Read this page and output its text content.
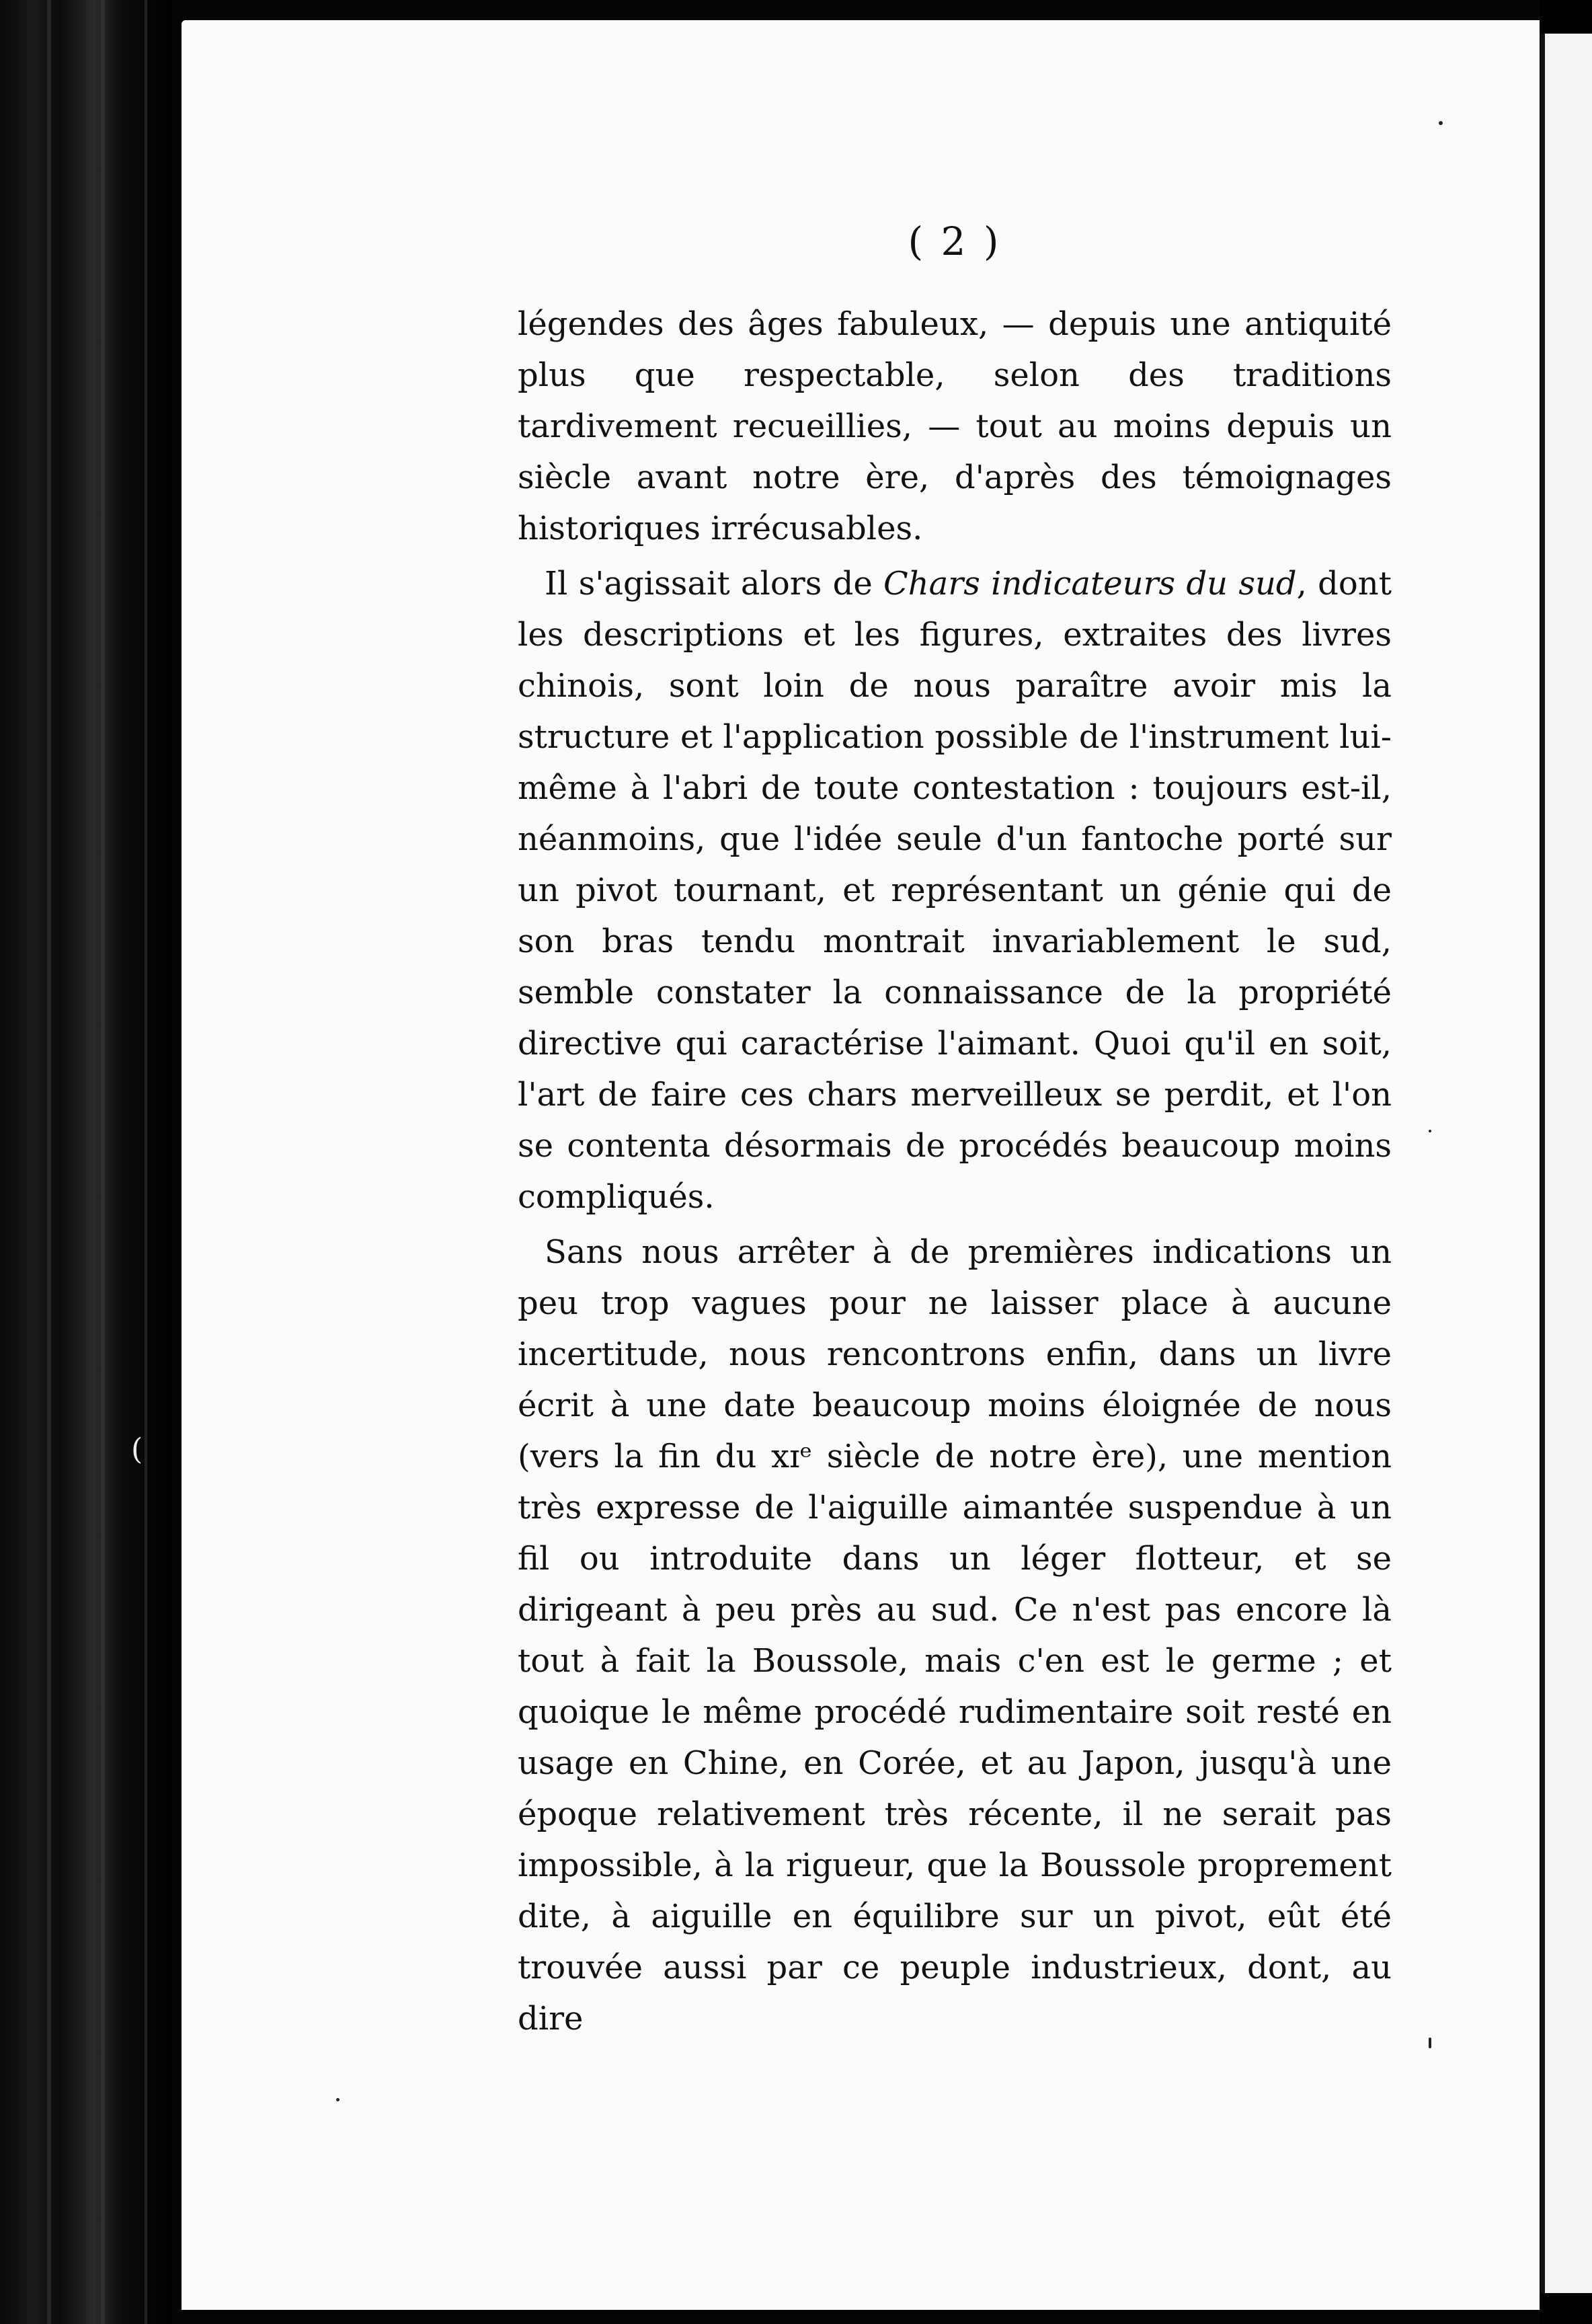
( 2 )

légendes des âges fabuleux, — depuis une antiquité plus que respectable, selon des traditions tardivement recueillies, — tout au moins depuis un siècle avant notre ère, d'après des témoignages historiques irrécusables.

Il s'agissait alors de Chars indicateurs du sud, dont les descriptions et les figures, extraites des livres chinois, sont loin de nous paraître avoir mis la structure et l'application possible de l'instrument lui-même à l'abri de toute contestation : toujours est-il, néanmoins, que l'idée seule d'un fantoche porté sur un pivot tournant, et représentant un génie qui de son bras tendu montrait invariablement le sud, semble constater la connaissance de la propriété directive qui caractérise l'aimant. Quoi qu'il en soit, l'art de faire ces chars merveilleux se perdit, et l'on se contenta désormais de procédés beaucoup moins compliqués.

Sans nous arrêter à de premières indications un peu trop vagues pour ne laisser place à aucune incertitude, nous rencontrons enfin, dans un livre écrit à une date beaucoup moins éloignée de nous (vers la fin du xɪᵉ siècle de notre ère), une mention très expresse de l'aiguille aimantée suspendue à un fil ou introduite dans un léger flotteur, et se dirigeant à peu près au sud. Ce n'est pas encore là tout à fait la Boussole, mais c'en est le germe ; et quoique le même procédé rudimentaire soit resté en usage en Chine, en Corée, et au Japon, jusqu'à une époque relativement très récente, il ne serait pas impossible, à la rigueur, que la Boussole proprement dite, à aiguille en équilibre sur un pivot, eût été trouvée aussi par ce peuple industrieux, dont, au dire

(
